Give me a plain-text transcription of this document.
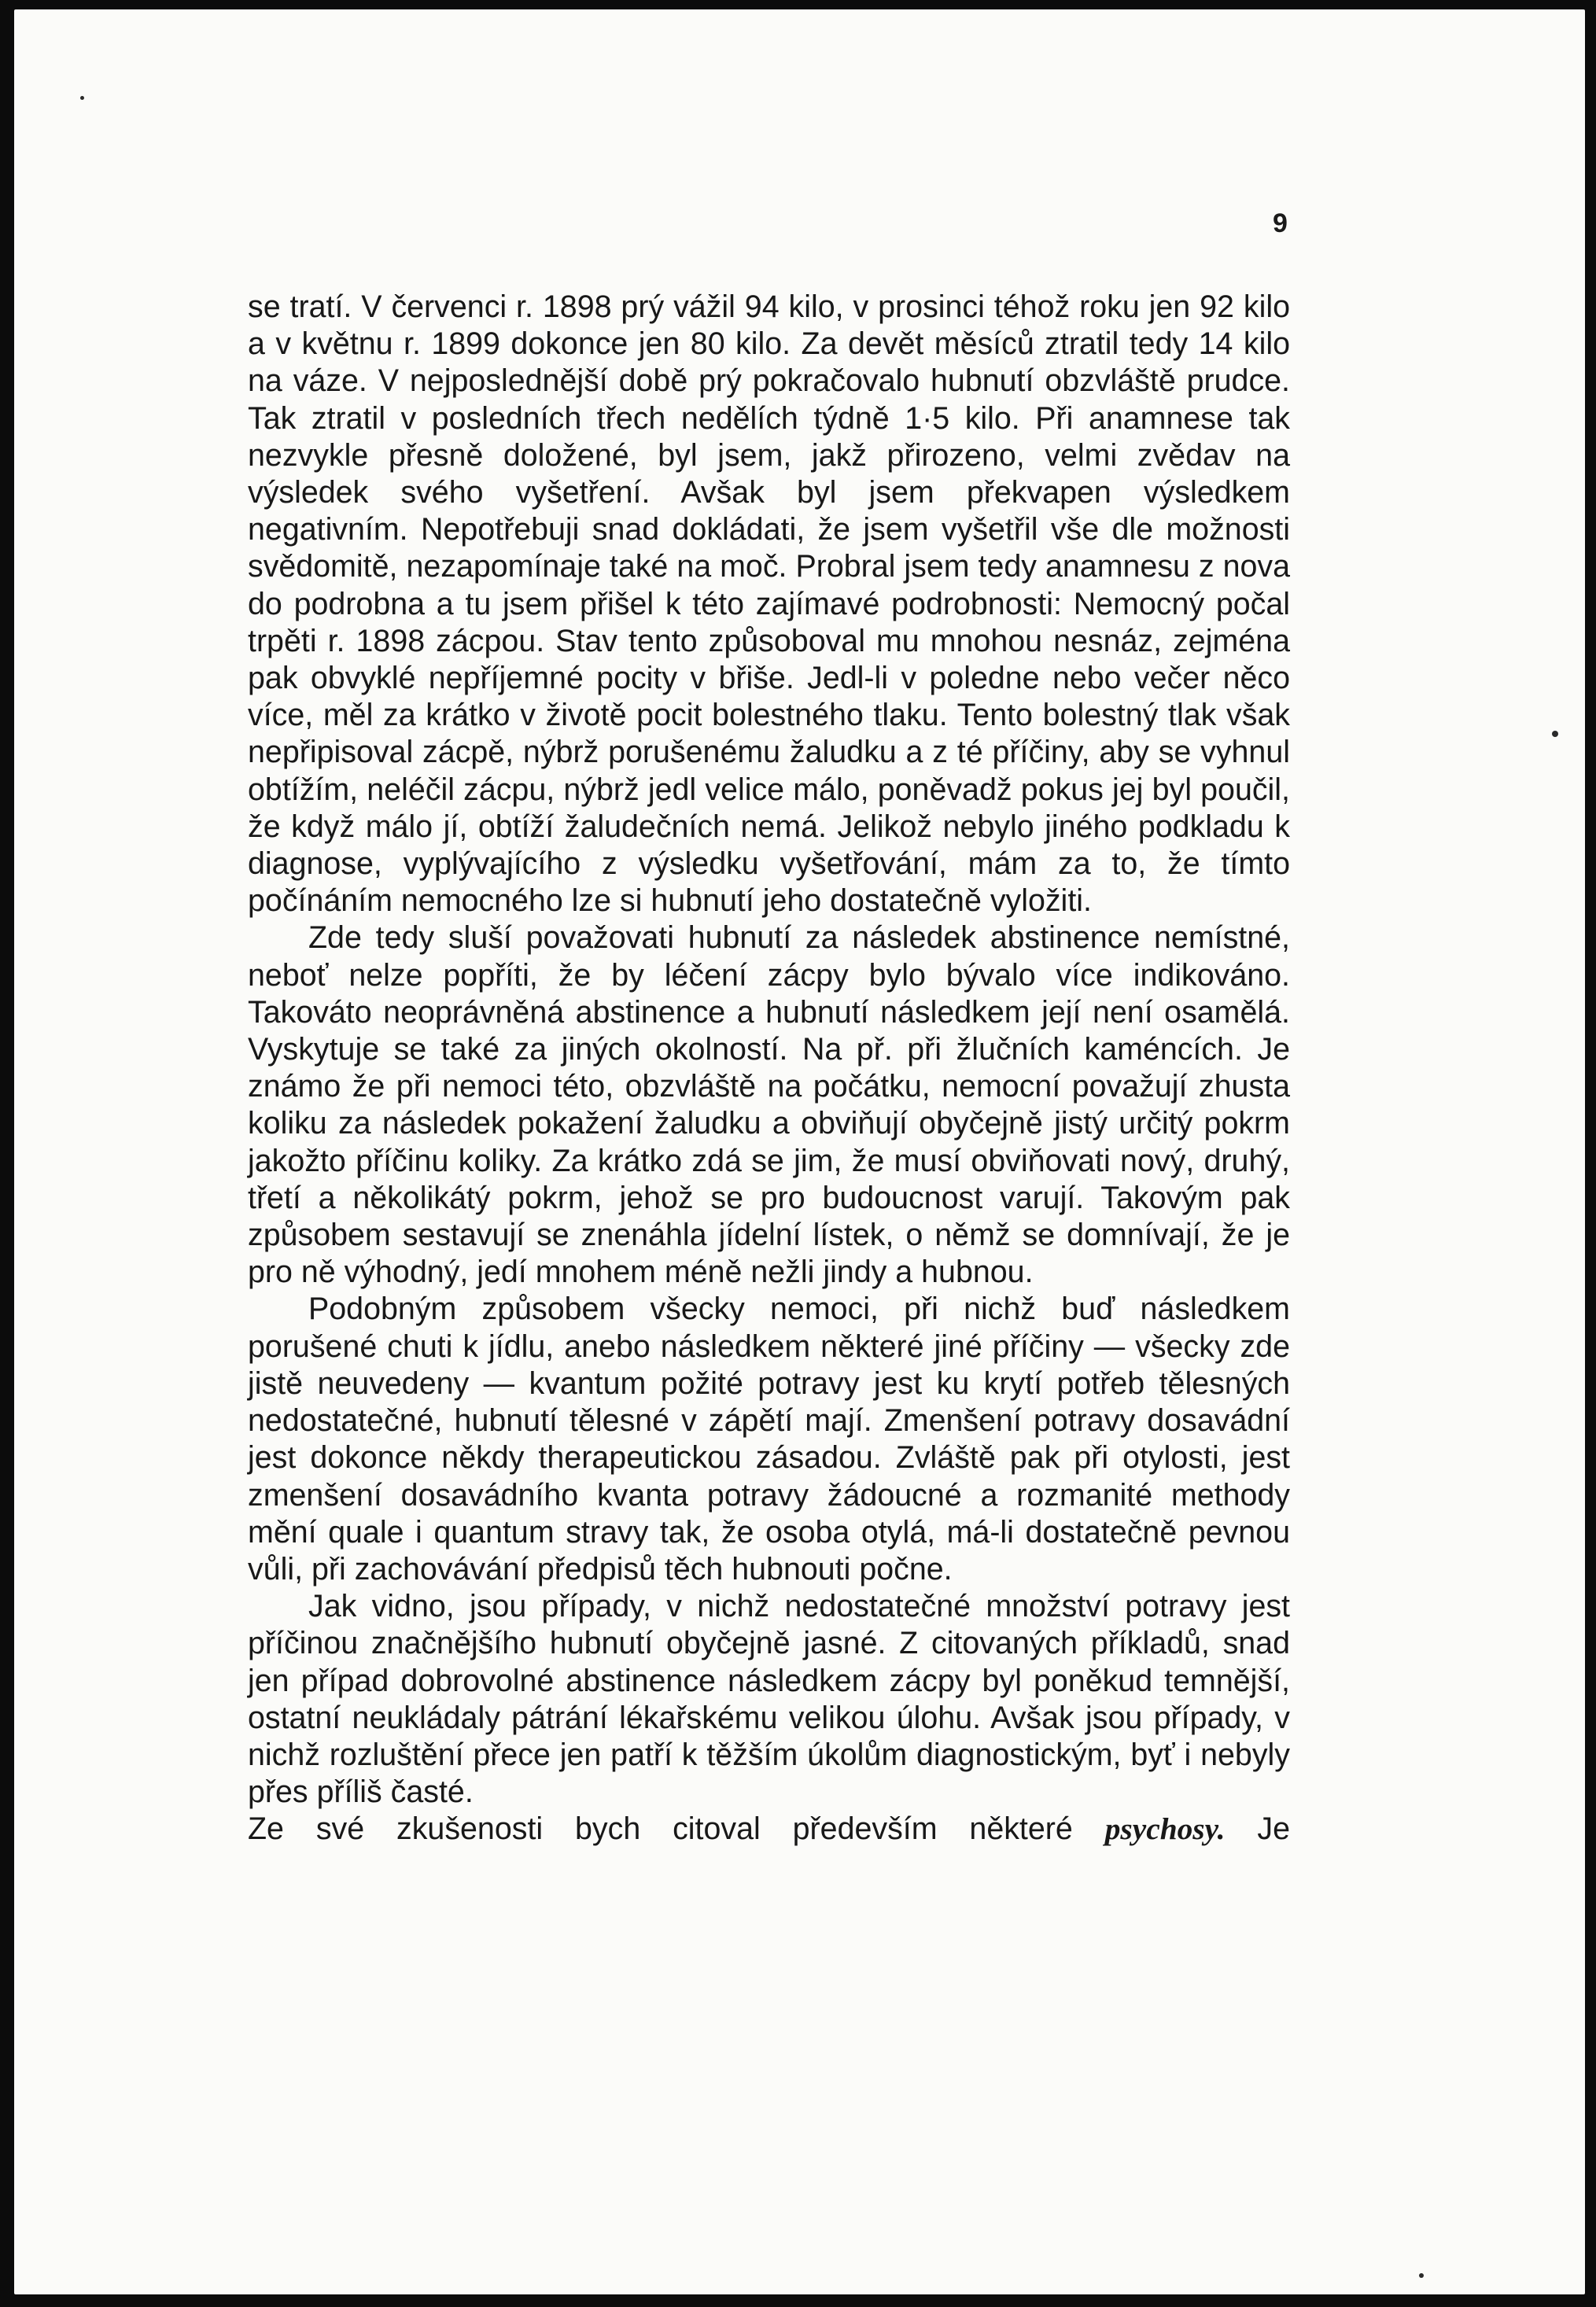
9

se tratí. V červenci r. 1898 prý vážil 94 kilo, v prosinci téhož roku jen 92 kilo a v květnu r. 1899 dokonce jen 80 kilo. Za devět měsíců ztratil tedy 14 kilo na váze. V nejposlednější době prý pokračovalo hubnutí obzvláště prudce. Tak ztratil v posledních třech nedělích týdně 1·5 kilo. Při anamnese tak nezvykle přesně doložené, byl jsem, jakž přirozeno, velmi zvědav na výsledek svého vyšetření. Avšak byl jsem překvapen výsledkem negativním. Nepotřebuji snad dokládati, že jsem vyšetřil vše dle možnosti svědomitě, nezapomínaje také na moč. Probral jsem tedy anamnesu z nova do podrobna a tu jsem přišel k této zajímavé podrobnosti: Nemocný počal trpěti r. 1898 zácpou. Stav tento způsoboval mu mnohou nesnáz, zejména pak obvyklé nepříjemné pocity v břiše. Jedl-li v poledne nebo večer něco více, měl za krátko v životě pocit bolestného tlaku. Tento bolestný tlak však nepřipisoval zácpě, nýbrž porušenému žaludku a z té příčiny, aby se vyhnul obtížím, neléčil zácpu, nýbrž jedl velice málo, poněvadž pokus jej byl poučil, že když málo jí, obtíží žaludečních nemá. Jelikož nebylo jiného podkladu k diagnose, vyplývajícího z výsledku vyšetřování, mám za to, že tímto počínáním nemocného lze si hubnutí jeho dostatečně vyložiti.

Zde tedy sluší považovati hubnutí za následek abstinence nemístné, neboť nelze popříti, že by léčení zácpy bylo bývalo více indikováno. Takováto neoprávněná abstinence a hubnutí následkem její není osamělá. Vyskytuje se také za jiných okolností. Na př. při žlučních kaméncích. Je známo že při nemoci této, obzvláště na počátku, nemocní považují zhusta koliku za následek pokažení žaludku a obviňují obyčejně jistý určitý pokrm jakožto příčinu koliky. Za krátko zdá se jim, že musí obviňovati nový, druhý, třetí a několikátý pokrm, jehož se pro budoucnost varují. Takovým pak způsobem sestavují se znenáhla jídelní lístek, o němž se domnívají, že je pro ně výhodný, jedí mnohem méně nežli jindy a hubnou.

Podobným způsobem všecky nemoci, při nichž buď následkem porušené chuti k jídlu, anebo následkem některé jiné příčiny — všecky zde jistě neuvedeny — kvantum požité potravy jest ku krytí potřeb tělesných nedostatečné, hubnutí tělesné v zápětí mají. Zmenšení potravy dosavádní jest dokonce někdy therapeutickou zásadou. Zvláště pak při otylosti, jest zmenšení dosavádního kvanta potravy žádoucné a rozmanité methody mění quale i quantum stravy tak, že osoba otylá, má-li dostatečně pevnou vůli, při zachovávání předpisů těch hubnouti počne.

Jak vidno, jsou případy, v nichž nedostatečné množství potravy jest příčinou značnějšího hubnutí obyčejně jasné. Z citovaných příkladů, snad jen případ dobrovolné abstinence následkem zácpy byl poněkud temnější, ostatní neukládaly pátrání lékařskému velikou úlohu. Avšak jsou případy, v nichž rozluštění přece jen patří k těžším úkolům diagnostickým, byť i nebyly přes příliš časté.

Ze své zkušenosti bych citoval především některé psychosy. Je
